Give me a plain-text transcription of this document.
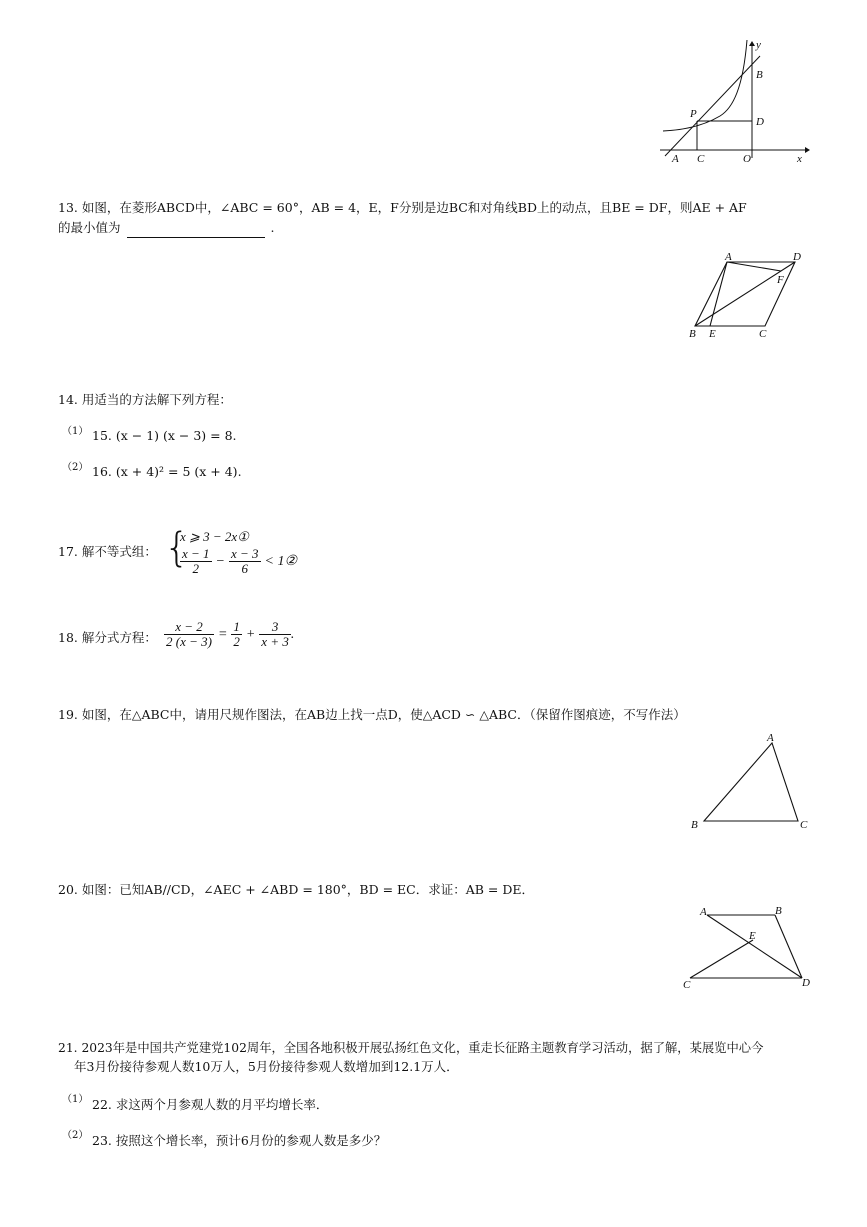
y
B
P
D
A C	O	x
13. 如图，在菱形ABCD中，∠ABC = 60°，AB = 4，E，F分别是边BC和对角线BD上的动点，且BE = DF，则AE + AF
的最小值为	.
A	D
F
B E	C
14. 用适当的方法解下列方程：
（1） 15. (x − 1) (x − 3) = 8.
（2） 16. (x + 4)² = 5 (x + 4).
17. 解不等式组： {
x ⩾ 3 − 2x①
$\frac{x - 1}{2} - \frac{x - 3}{6}$ < 1②
18. 解分式方程： $\frac{x - 2}{2 (x - 3)} = \frac{1}{2} + \frac{3}{x + 3}$ .
19. 如图，在△ABC中，请用尺规作图法，在AB边上找一点D，使△ACD ∽ △ABC．（保留作图痕迹，不写作法）
A
B	C
20. 如图：已知AB//CD，∠AEC + ∠ABD = 180°，BD = EC．求证：AB = DE．
A	B
E
C	D
21. 2023年是中国共产党建党102周年，全国各地积极开展弘扬红色文化，重走长征路主题教育学习活动，据了解，某展览中心今
年3月份接待参观人数10万人，5月份接待参观人数增加到12.1万人．
（1） 22. 求这两个月参观人数的月平均增长率．
（2） 23. 按照这个增长率，预计6月份的参观人数是多少？
